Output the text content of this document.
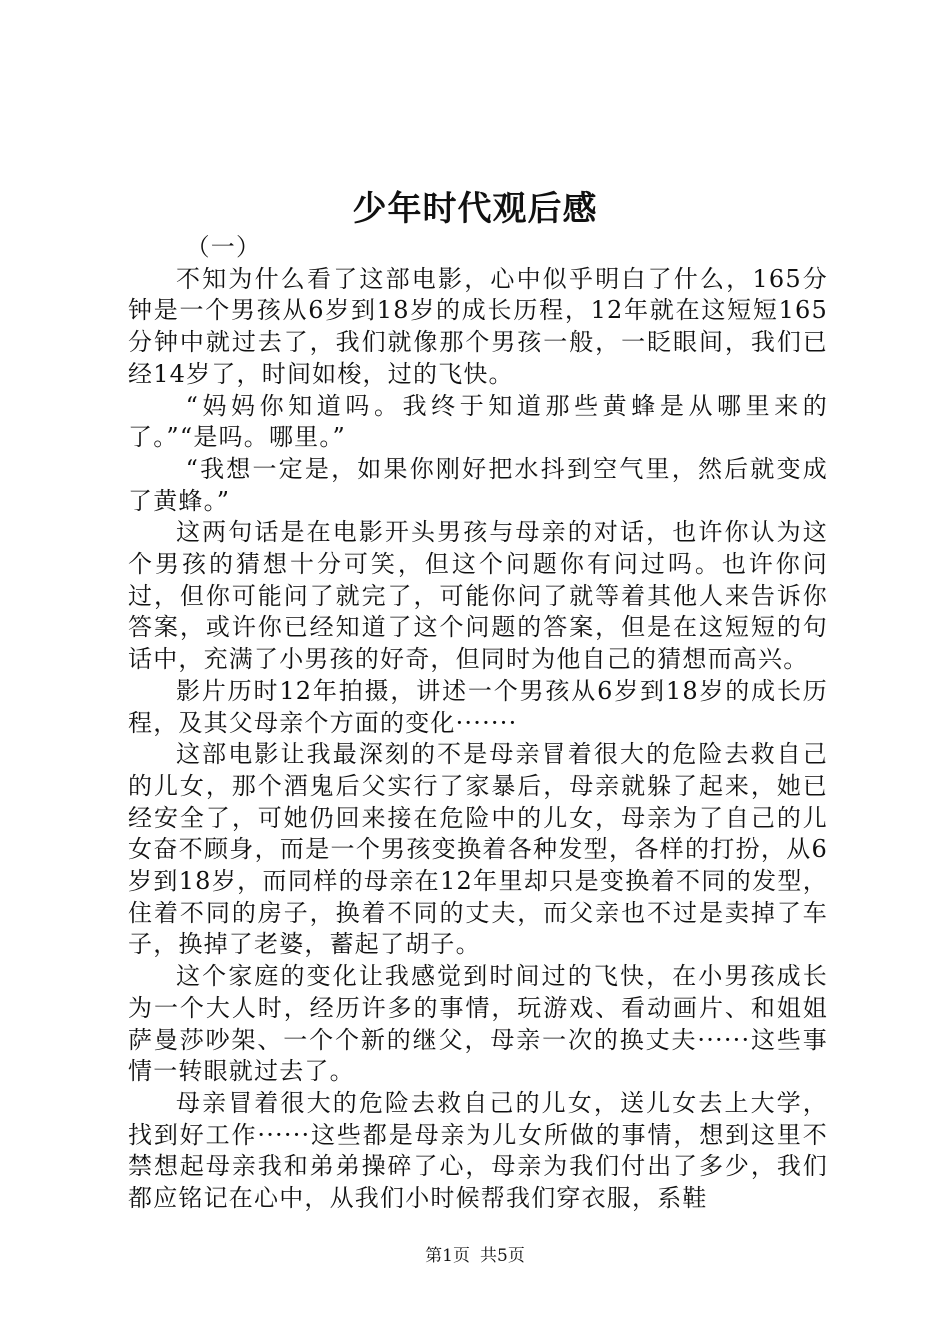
少年时代观后感

（一）

不知为什么看了这部电影，心中似乎明白了什么，165分钟是一个男孩从6岁到18岁的成长历程，12年就在这短短165分钟中就过去了，我们就像那个男孩一般，一眨眼间，我们已经14岁了，时间如梭，过的飞快。

“妈妈你知道吗。我终于知道那些黄蜂是从哪里来的了。”“是吗。哪里。”

“我想一定是，如果你刚好把水抖到空气里，然后就变成了黄蜂。”

这两句话是在电影开头男孩与母亲的对话，也许你认为这个男孩的猜想十分可笑，但这个问题你有问过吗。也许你问过，但你可能问了就完了，可能你问了就等着其他人来告诉你答案，或许你已经知道了这个问题的答案，但是在这短短的句话中，充满了小男孩的好奇，但同时为他自己的猜想而高兴。

影片历时12年拍摄，讲述一个男孩从6岁到18岁的成长历程，及其父母亲个方面的变化·······

这部电影让我最深刻的不是母亲冒着很大的危险去救自己的儿女，那个酒鬼后父实行了家暴后，母亲就躲了起来，她已经安全了，可她仍回来接在危险中的儿女，母亲为了自己的儿女奋不顾身，而是一个男孩变换着各种发型，各样的打扮，从6岁到18岁，而同样的母亲在12年里却只是变换着不同的发型，住着不同的房子，换着不同的丈夫，而父亲也不过是卖掉了车子，换掉了老婆，蓄起了胡子。

这个家庭的变化让我感觉到时间过的飞快，在小男孩成长为一个大人时，经历许多的事情，玩游戏、看动画片、和姐姐萨曼莎吵架、一个个新的继父，母亲一次的换丈夫······这些事情一转眼就过去了。

母亲冒着很大的危险去救自己的儿女，送儿女去上大学，找到好工作······这些都是母亲为儿女所做的事情，想到这里不禁想起母亲我和弟弟操碎了心，母亲为我们付出了多少，我们都应铭记在心中，从我们小时候帮我们穿衣服，系鞋

第1页 共5页
